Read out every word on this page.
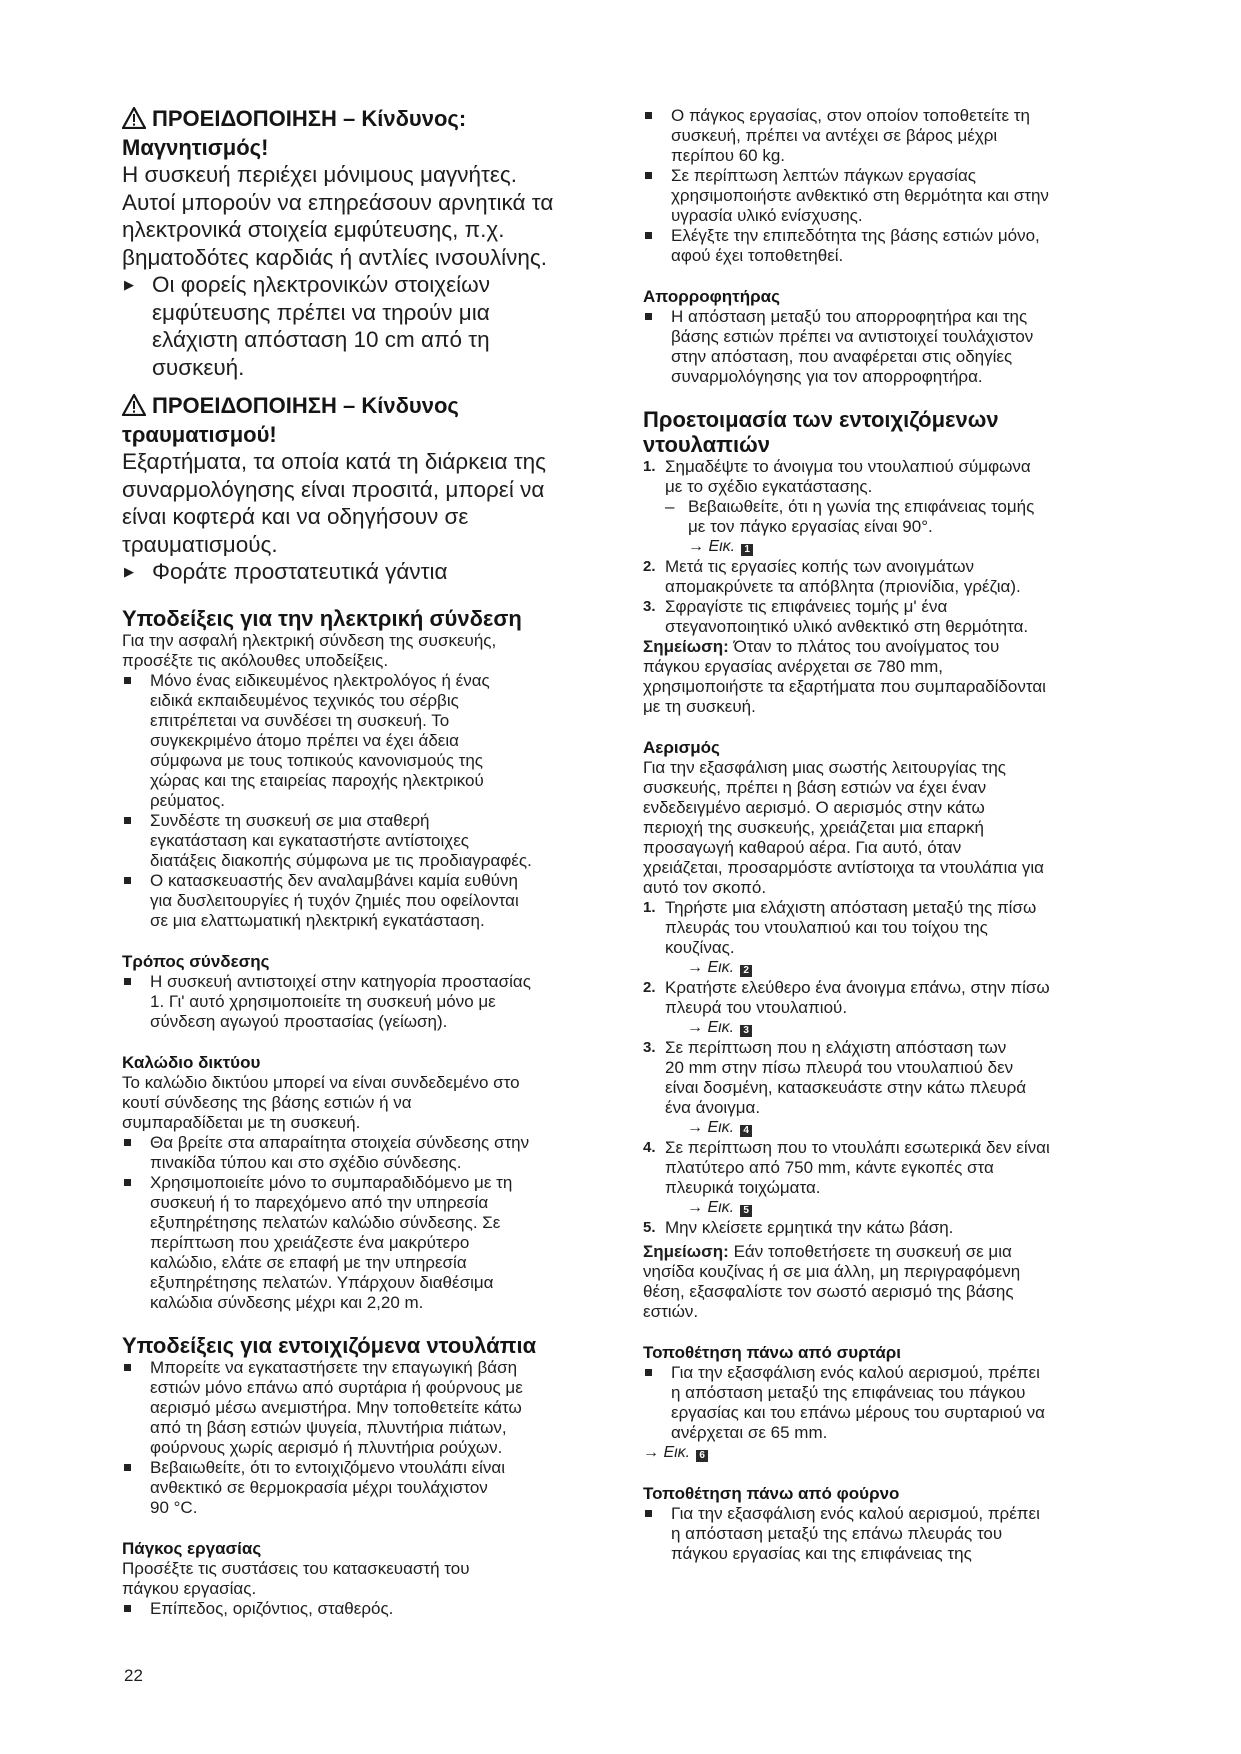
ΠΡΟΕΙΔΟΠΟΙΗΣΗ – Κίνδυνος:
Μαγνητισμός!

Η συσκευή περιέχει μόνιμους μαγνήτες.

Αυτοί μπορούν να επηρεάσουν αρνητικά τα

ηλεκτρονικά στοιχεία εμφύτευσης, π.χ.

βηματοδότες καρδιάς ή αντλίες ινσουλίνης.

▶ Οι φορείς ηλεκτρονικών στοιχείων

εμφύτευσης πρέπει να τηρούν μια

ελάχιστη απόσταση 10 cm από τη

συσκευή.

ΠΡΟΕΙΔΟΠΟΙΗΣΗ – Κίνδυνος
τραυματισμού!

Εξαρτήματα, τα οποία κατά τη διάρκεια της

συναρμολόγησης είναι προσιτά, μπορεί να

είναι κοφτερά και να οδηγήσουν σε

τραυματισμούς.

▶ Φοράτε προστατευτικά γάντια

Υποδείξεις για την ηλεκτρική σύνδεση

Για την ασφαλή ηλεκτρική σύνδεση της συσκευής,

προσέξτε τις ακόλουθες υποδείξεις.

Μόνο ένας ειδικευμένος ηλεκτρολόγος ή ένας

ειδικά εκπαιδευμένος τεχνικός του σέρβις

επιτρέπεται να συνδέσει τη συσκευή. Το

συγκεκριμένο άτομο πρέπει να έχει άδεια

σύμφωνα με τους τοπικούς κανονισμούς της

χώρας και της εταιρείας παροχής ηλεκτρικού

ρεύματος.

Συνδέστε τη συσκευή σε μια σταθερή

εγκατάσταση και εγκαταστήστε αντίστοιχες

διατάξεις διακοπής σύμφωνα με τις προδιαγραφές.

Ο κατασκευαστής δεν αναλαμβάνει καμία ευθύνη

για δυσλειτουργίες ή τυχόν ζημιές που οφείλονται

σε μια ελαττωματική ηλεκτρική εγκατάσταση.

Τρόπος σύνδεσης

Η συσκευή αντιστοιχεί στην κατηγορία προστασίας

1. Γι' αυτό χρησιμοποιείτε τη συσκευή μόνο με

σύνδεση αγωγού προστασίας (γείωση).

Καλώδιο δικτύου

Το καλώδιο δικτύου μπορεί να είναι συνδεδεμένο στο

κουτί σύνδεσης της βάσης εστιών ή να

συμπαραδίδεται με τη συσκευή.

Θα βρείτε στα απαραίτητα στοιχεία σύνδεσης στην

πινακίδα τύπου και στο σχέδιο σύνδεσης.

Χρησιμοποιείτε μόνο το συμπαραδιδόμενο με τη

συσκευή ή το παρεχόμενο από την υπηρεσία

εξυπηρέτησης πελατών καλώδιο σύνδεσης. Σε

περίπτωση που χρειάζεστε ένα μακρύτερο

καλώδιο, ελάτε σε επαφή με την υπηρεσία

εξυπηρέτησης πελατών. Υπάρχουν διαθέσιμα

καλώδια σύνδεσης μέχρι και 2,20 m.

Υποδείξεις για εντοιχιζόμενα ντουλάπια

Μπορείτε να εγκαταστήσετε την επαγωγική βάση

εστιών μόνο επάνω από συρτάρια ή φούρνους με

αερισμό μέσω ανεμιστήρα. Μην τοποθετείτε κάτω

από τη βάση εστιών ψυγεία, πλυντήρια πιάτων,

φούρνους χωρίς αερισμό ή πλυντήρια ρούχων.

Βεβαιωθείτε, ότι το εντοιχιζόμενο ντουλάπι είναι

ανθεκτικό σε θερμοκρασία μέχρι τουλάχιστον

90 °C.

Πάγκος εργασίας

Προσέξτε τις συστάσεις του κατασκευαστή του

πάγκου εργασίας.

Επίπεδος, οριζόντιος, σταθερός.

Ο πάγκος εργασίας, στον οποίον τοποθετείτε τη

συσκευή, πρέπει να αντέχει σε βάρος μέχρι

περίπου 60 kg.

Σε περίπτωση λεπτών πάγκων εργασίας

χρησιμοποιήστε ανθεκτικό στη θερμότητα και στην

υγρασία υλικό ενίσχυσης.

Ελέγξτε την επιπεδότητα της βάσης εστιών μόνο,

αφού έχει τοποθετηθεί.

Απορροφητήρας

Η απόσταση μεταξύ του απορροφητήρα και της

βάσης εστιών πρέπει να αντιστοιχεί τουλάχιστον

στην απόσταση, που αναφέρεται στις οδηγίες

συναρμολόγησης για τον απορροφητήρα.

Προετοιμασία των εντοιχιζόμενων
ντουλαπιών
1. Σημαδέψτε το άνοιγμα του ντουλαπιού σύμφωνα

με το σχέδιο εγκατάστασης.

– Βεβαιωθείτε, ότι η γωνία της επιφάνειας τομής

με τον πάγκο εργασίας είναι 90°.

→ Εικ. 1
2. Μετά τις εργασίες κοπής των ανοιγμάτων

απομακρύνετε τα απόβλητα (πριονίδια, γρέζια).

3. Σφραγίστε τις επιφάνειες τομής μ' ένα

στεγανοποιητικό υλικό ανθεκτικό στη θερμότητα.

Σημείωση: Όταν το πλάτος του ανοίγματος του

πάγκου εργασίας ανέρχεται σε 780 mm,

χρησιμοποιήστε τα εξαρτήματα που συμπαραδίδονται

με τη συσκευή.

Αερισμός

Για την εξασφάλιση μιας σωστής λειτουργίας της

συσκευής, πρέπει η βάση εστιών να έχει έναν

ενδεδειγμένο αερισμό. Ο αερισμός στην κάτω

περιοχή της συσκευής, χρειάζεται μια επαρκή

προσαγωγή καθαρού αέρα. Για αυτό, όταν

χρειάζεται, προσαρμόστε αντίστοιχα τα ντουλάπια για

αυτό τον σκοπό.

1. Τηρήστε μια ελάχιστη απόσταση μεταξύ της πίσω

πλευράς του ντουλαπιού και του τοίχου της

κουζίνας.

→ Εικ. 2

2. Κρατήστε ελεύθερο ένα άνοιγμα επάνω, στην πίσω

πλευρά του ντουλαπιού.

→ Εικ. 3

3. Σε περίπτωση που η ελάχιστη απόσταση των

20 mm στην πίσω πλευρά του ντουλαπιού δεν

είναι δοσμένη, κατασκευάστε στην κάτω πλευρά

ένα άνοιγμα.

→ Εικ. 4

4. Σε περίπτωση που το ντουλάπι εσωτερικά δεν είναι

πλατύτερο από 750 mm, κάντε εγκοπές στα

πλευρικά τοιχώματα.

→ Εικ. 5

5. Μην κλείσετε ερμητικά την κάτω βάση.

Σημείωση: Εάν τοποθετήσετε τη συσκευή σε μια

νησίδα κουζίνας ή σε μια άλλη, μη περιγραφόμενη

θέση, εξασφαλίστε τον σωστό αερισμό της βάσης

εστιών.

Τοποθέτηση πάνω από συρτάρι

Για την εξασφάλιση ενός καλού αερισμού, πρέπει

η απόσταση μεταξύ της επιφάνειας του πάγκου

εργασίας και του επάνω μέρους του συρταριού να

ανέρχεται σε 65 mm.

→ Εικ. 6

Τοποθέτηση πάνω από φούρνο

Για την εξασφάλιση ενός καλού αερισμού, πρέπει

η απόσταση μεταξύ της επάνω πλευράς του

πάγκου εργασίας και της επιφάνειας της

22
